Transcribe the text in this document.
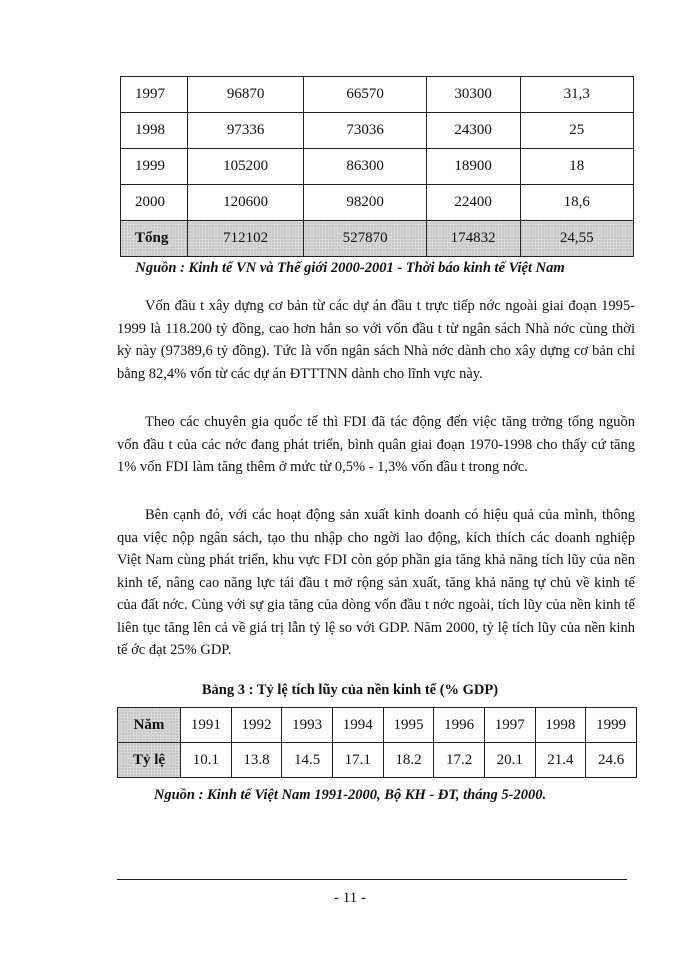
1997	96870	66570	30300	31,3
1998	97336	73036	24300	25
1999	105200	86300	18900	18
2000	120600	98200	22400	18,6
Tổng	712102	527870	174832	24,55
Nguồn : Kinh tế VN và Thế giới 2000-2001 - Thời báo kinh tế Việt Nam

Vốn đầu t xây dựng cơ bản từ các dự án đầu t trực tiếp nớc ngoài giai đoạn 1995-1999 là 118.200 tỷ đồng, cao hơn hẳn so với vốn đầu t từ ngân sách Nhà nớc cùng thời kỳ này (97389,6 tỷ đồng). Tức là vốn ngân sách Nhà nớc dành cho xây dựng cơ bản chỉ bằng 82,4% vốn từ các dự án ĐTTTNN dành cho lĩnh vực này.

Theo các chuyên gia quốc tế thì FDI đã tác động đến việc tăng trởng tổng nguồn vốn đầu t của các nớc đang phát triển, bình quân giai đoạn 1970-1998 cho thấy cứ tăng 1% vốn FDI làm tăng thêm ở mức từ 0,5% - 1,3% vốn đầu t trong nớc.

Bên cạnh đó, với các hoạt động sản xuất kinh doanh có hiệu quả của mình, thông qua việc nộp ngân sách, tạo thu nhập cho ngời lao động, kích thích các doanh nghiệp Việt Nam cùng phát triển, khu vực FDI còn góp phần gia tăng khả năng tích lũy của nền kinh tế, nâng cao năng lực tái đầu t mở rộng sản xuất, tăng khả năng tự chủ về kinh tế của đất nớc. Cùng với sự gia tăng của dòng vốn đầu t nớc ngoài, tích lũy của nền kinh tế liên tục tăng lên cả về giá trị lẫn tỷ lệ so với GDP. Năm 2000, tỷ lệ tích lũy của nền kinh tế ớc đạt 25% GDP.

Bảng 3 : Tỷ lệ tích lũy của nền kinh tế (% GDP)
Năm	1991	1992	1993	1994	1995	1996	1997	1998	1999
Tỷ lệ	10.1	13.8	14.5	17.1	18.2	17.2	20.1	21.4	24.6
Nguồn : Kinh tế Việt Nam 1991-2000, Bộ KH - ĐT, tháng 5-2000.
- 11 -
